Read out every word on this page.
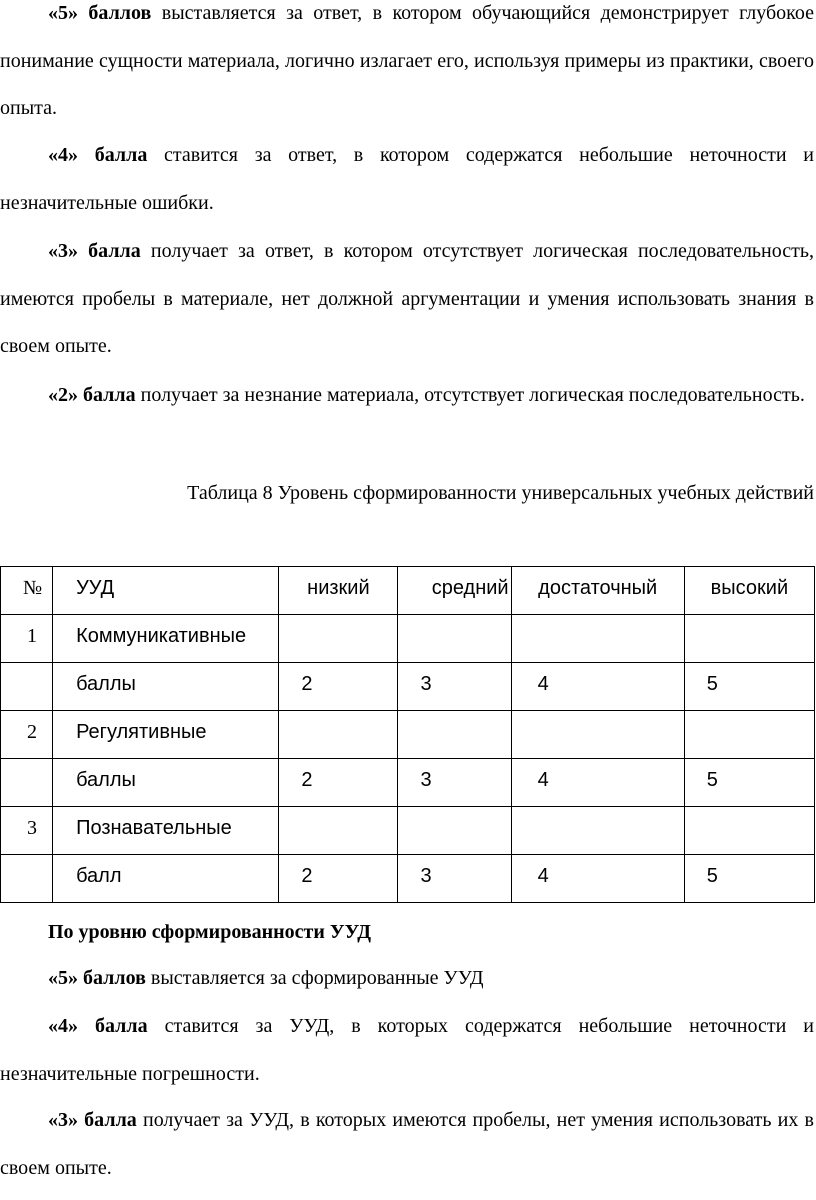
«5» баллов выставляется за ответ, в котором обучающийся демонстрирует глубокое понимание сущности материала, логично излагает его, используя примеры из практики, своего опыта.

«4» балла ставится за ответ, в котором содержатся небольшие неточности и незначительные ошибки.

«3» балла получает за ответ, в котором отсутствует логическая последовательность, имеются пробелы в материале, нет должной аргументации и умения использовать знания в своем опыте.

«2» балла получает за незнание материала, отсутствует логическая последовательность.

Таблица 8 Уровень сформированности универсальных учебных действий

№	УУД	низкий	средний	достаточный	высокий

1	Коммуникативные				

	баллы	2	3	4	5

2	Регулятивные				

	баллы	2	3	4	5

3	Познавательные				

	балл	2	3	4	5

По уровню сформированности УУД

«5» баллов выставляется за сформированные УУД

«4» балла ставится за УУД, в которых содержатся небольшие неточности и незначительные погрешности.

«3» балла получает за УУД, в которых имеются пробелы, нет умения использовать их в своем опыте.
